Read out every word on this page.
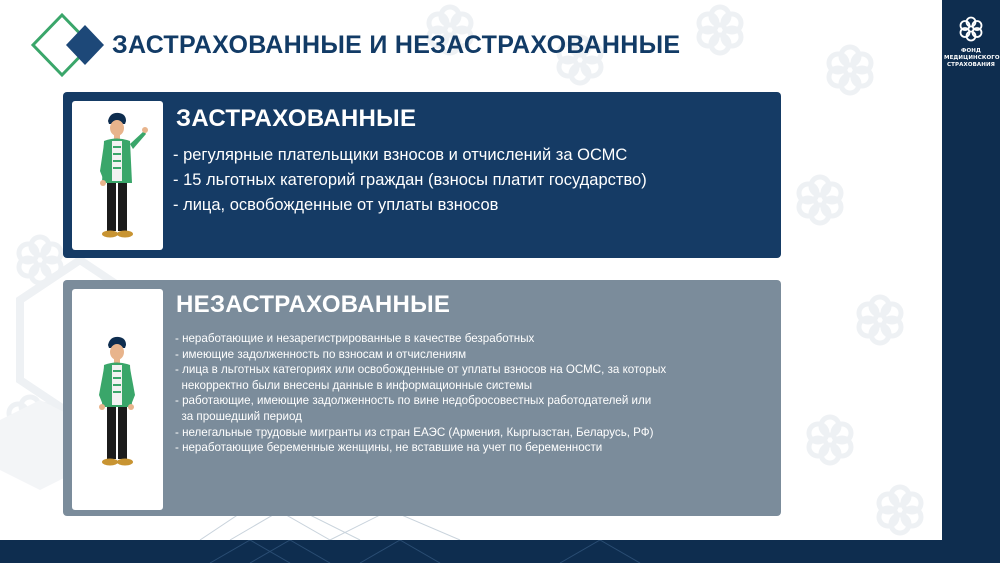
ЗАСТРАХОВАННЫЕ И НЕЗАСТРАХОВАННЫЕ
ЗАСТРАХОВАННЫЕ
- регулярные плательщики взносов и отчислений за ОСМС
- 15 льготных категорий граждан (взносы платит государство)
- лица, освобожденные от уплаты взносов
НЕЗАСТРАХОВАННЫЕ
- неработающие и незарегистрированные в качестве безработных
- имеющие задолженность по взносам и отчислениям
- лица в льготных категориях или освобожденные от уплаты взносов на ОСМС, за которых
некорректно были внесены данные в информационные системы
- работающие, имеющие задолженность по вине недобросовестных работодателей или
за прошедший период
- нелегальные трудовые мигранты из стран ЕАЭС (Армения, Кыргызстан, Беларусь, РФ)
- неработающие беременные женщины, не вставшие на учет по беременности
ФОНД
МЕДИЦИНСКОГО
СТРАХОВАНИЯ
